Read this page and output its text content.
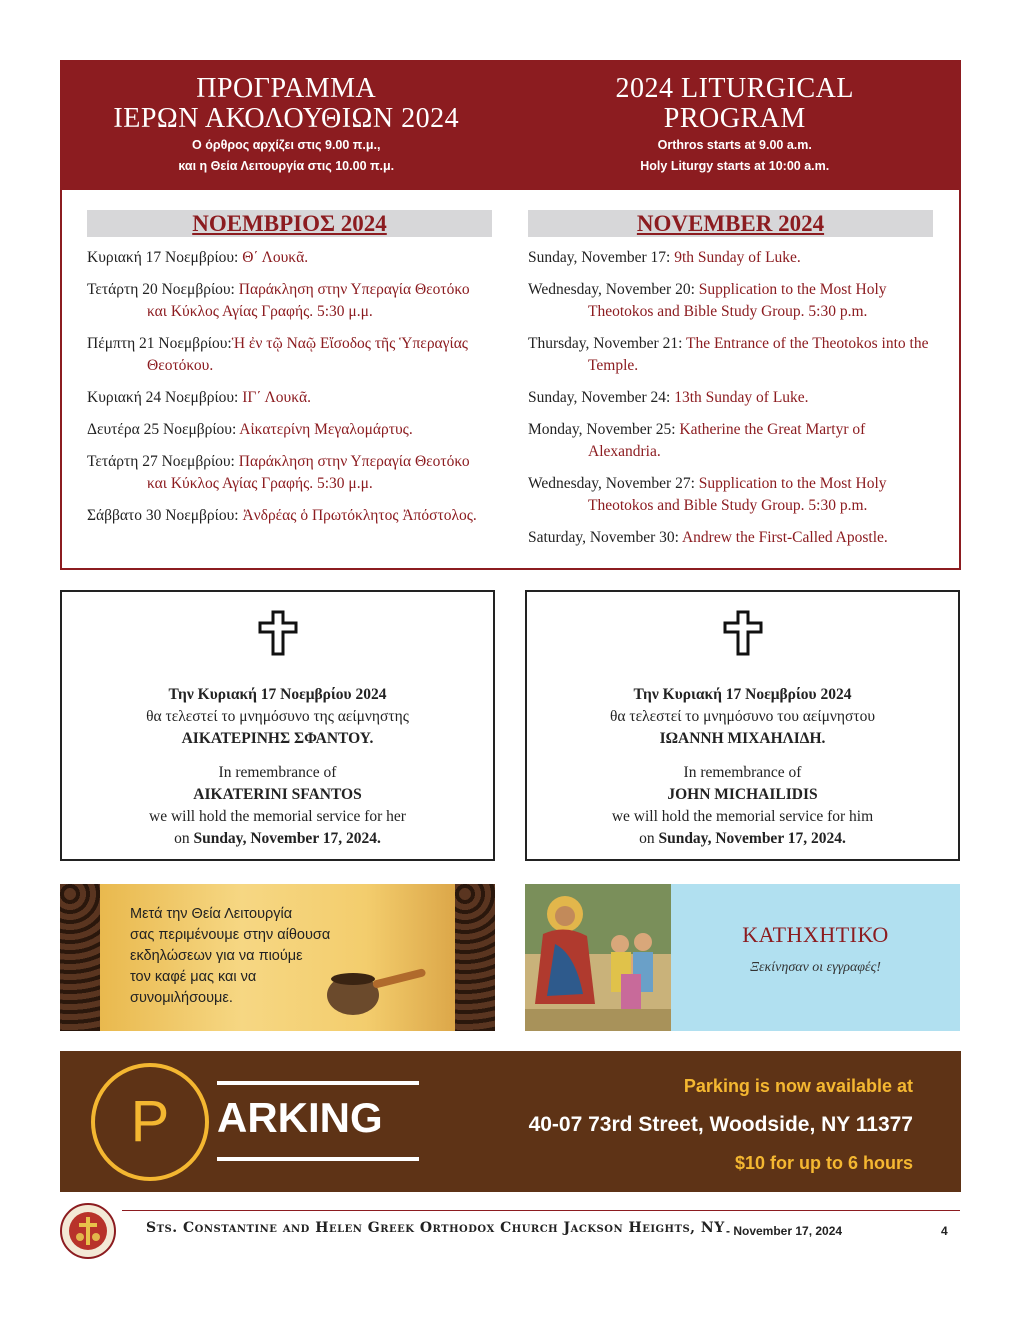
ΠΡΟΓΡΑΜΜΑ
ΙΕΡΩΝ ΑΚΟΛΟΥΘΙΩΝ 2024
Ο όρθρος αρχίζει στις 9.00 π.μ.,
και η Θεία Λειτουργία στις 10.00 π.μ.
2024 LITURGICAL
PROGRAM
Orthros starts at 9.00 a.m.
Holy Liturgy starts at 10:00 a.m.
ΝΟΕΜΒΡΙΟΣ 2024
Κυριακή 17 Νοεμβρίου: Θ΄ Λουκᾶ.
Τετάρτη 20 Νοεμβρίου: Παράκληση στην Υπεραγία Θεοτόκο και Κύκλος Αγίας Γραφής. 5:30 μ.μ.
Πέμπτη 21 Νοεμβρίου:Ἡ ἐν τῷ Ναῷ Εἴσοδος τῆς Ὑπεραγίας Θεοτόκου.
Κυριακή 24 Νοεμβρίου: ΙΓ΄ Λουκᾶ.
Δευτέρα 25 Νοεμβρίου: Αἰκατερίνη Μεγαλομάρτυς.
Τετάρτη 27 Νοεμβρίου: Παράκληση στην Υπεραγία Θεοτόκο και Κύκλος Αγίας Γραφής. 5:30 μ.μ.
Σάββατο 30 Νοεμβρίου: Ἀνδρέας ὁ Πρωτόκλητος Ἀπόστολος.
NOVEMBER 2024
Sunday, November 17: 9th Sunday of Luke.
Wednesday, November 20: Supplication to the Most Holy Theotokos and Bible Study Group. 5:30 p.m.
Thursday, November 21: The Entrance of the Theotokos into the Temple.
Sunday, November 24: 13th Sunday of Luke.
Monday, November 25: Katherine the Great Martyr of Alexandria.
Wednesday, November 27: Supplication to the Most Holy Theotokos and Bible Study Group. 5:30 p.m.
Saturday, November 30: Andrew the First-Called Apostle.
Την Κυριακή 17 Νοεμβρίου 2024
θα τελεστεί το μνημόσυνο της αείμνηστης
ΑΙΚΑΤΕΡΙΝΗΣ ΣΦΑΝΤΟΥ.
In remembrance of
AIKATERINI SFANTOS
we will hold the memorial service for her
on Sunday, November 17, 2024.
Την Κυριακή 17 Νοεμβρίου 2024
θα τελεστεί το μνημόσυνο του αείμνηστου
ΙΩΑΝΝΗ ΜΙΧΑΗΛΙΔΗ.
In remembrance of
JOHN MICHAILIDIS
we will hold the memorial service for him
on Sunday, November 17, 2024.
Μετά την Θεία Λειτουργία
σας περιμένουμε στην αίθουσα
εκδηλώσεων για να πιούμε
τον καφέ μας και να
συνομιλήσουμε.
ΚΑΤΗΧΗΤΙΚΟ
Ξεκίνησαν οι εγγραφές!
P	ARKING
Parking is now available at
40-07 73rd Street, Woodside, NY 11377
$10 for up to 6 hours
Sts. Constantine and Helen Greek Orthodox Church Jackson Heights, NY - November 17, 2024	4
